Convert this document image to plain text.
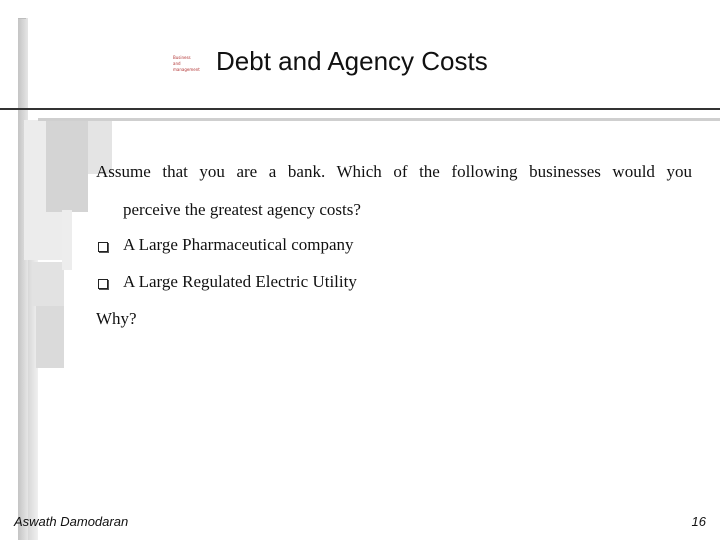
Business
and
management Debt and Agency Costs

Assume that you are a bank. Which of the following businesses would you

perceive the greatest agency costs?

A Large Pharmaceutical company
A Large Regulated Electric Utility

Why?

Aswath Damodaran	16
